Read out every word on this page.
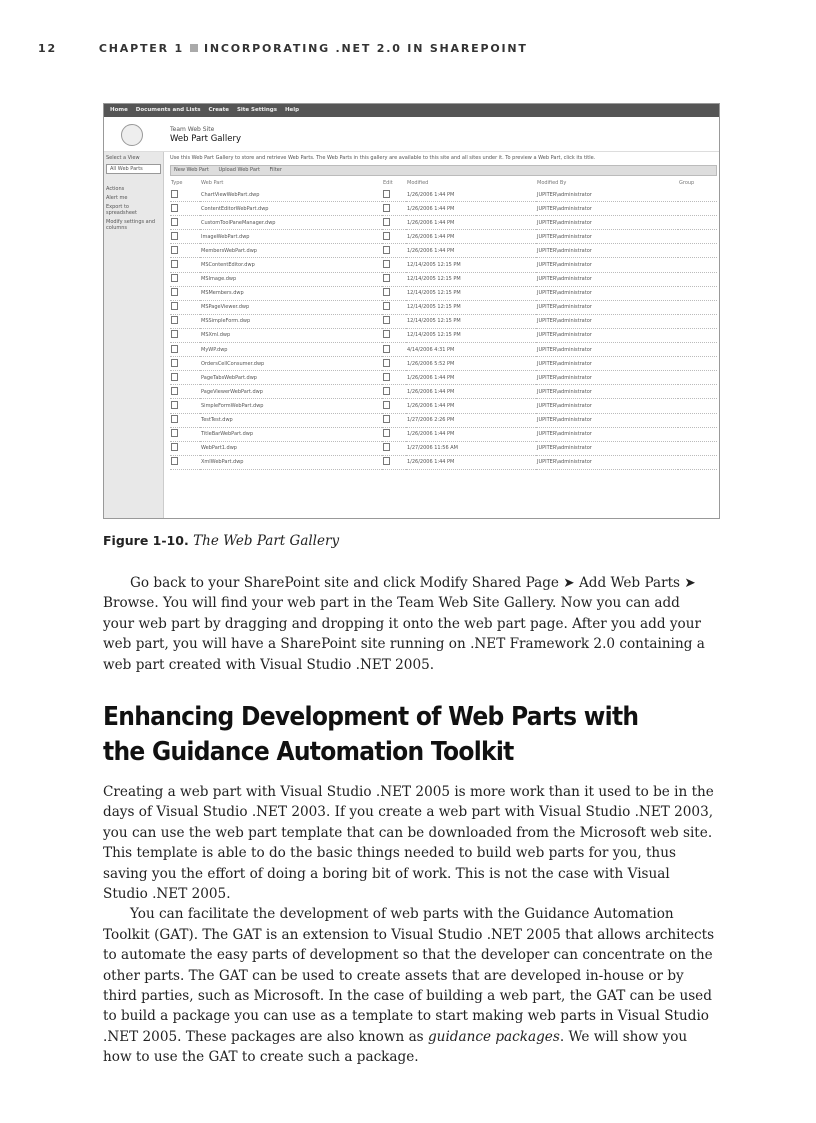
12	CHAPTER 1 INCORPORATING .NET 2.0 IN SHAREPOINT
Home Documents and Lists Create Site Settings Help
Team Web Site
Web Part Gallery
Select a View
All Web Parts
Actions
Alert me
Export to spreadsheet
Modify settings and columns
Use this Web Part Gallery to store and retrieve Web Parts. The Web Parts in this gallery are available to this site and all sites under it. To preview a Web Part, click its title.
New Web Part Upload Web Part Filter
Type	Web Part	Edit	Modified	Modified By	Group
	ChartViewWebPart.dwp		1/26/2006 1:44 PM	JUPITER\administrator	
	ContentEditorWebPart.dwp		1/26/2006 1:44 PM	JUPITER\administrator	
	CustomToolPaneManager.dwp		1/26/2006 1:44 PM	JUPITER\administrator	
	ImageWebPart.dwp		1/26/2006 1:44 PM	JUPITER\administrator	
	MembersWebPart.dwp		1/26/2006 1:44 PM	JUPITER\administrator	
	MSContentEditor.dwp		12/14/2005 12:15 PM	JUPITER\administrator	
	MSImage.dwp		12/14/2005 12:15 PM	JUPITER\administrator	
	MSMembers.dwp		12/14/2005 12:15 PM	JUPITER\administrator	
	MSPageViewer.dwp		12/14/2005 12:15 PM	JUPITER\administrator	
	MSSimpleForm.dwp		12/14/2005 12:15 PM	JUPITER\administrator	
	MSXml.dwp		12/14/2005 12:15 PM	JUPITER\administrator	
	MyWP.dwp		4/14/2006 4:31 PM	JUPITER\administrator	
	OrdersCellConsumer.dwp		1/26/2006 5:52 PM	JUPITER\administrator	
	PageTabsWebPart.dwp		1/26/2006 1:44 PM	JUPITER\administrator	
	PageViewerWebPart.dwp		1/26/2006 1:44 PM	JUPITER\administrator	
	SimpleFormWebPart.dwp		1/26/2006 1:44 PM	JUPITER\administrator	
	TestTest.dwp		1/27/2006 2:26 PM	JUPITER\administrator	
	TitleBarWebPart.dwp		1/26/2006 1:44 PM	JUPITER\administrator	
	WebPart1.dwp		1/27/2006 11:56 AM	JUPITER\administrator	
	XmlWebPart.dwp		1/26/2006 1:44 PM	JUPITER\administrator	
Figure 1-10. The Web Part Gallery

Go back to your SharePoint site and click Modify Shared Page ➤ Add Web Parts ➤ Browse. You will find your web part in the Team Web Site Gallery. Now you can add your web part by dragging and dropping it onto the web part page. After you add your web part, you will have a SharePoint site running on .NET Framework 2.0 containing a web part created with Visual Studio .NET 2005.

Enhancing Development of Web Parts with the Guidance Automation Toolkit

Creating a web part with Visual Studio .NET 2005 is more work than it used to be in the days of Visual Studio .NET 2003. If you create a web part with Visual Studio .NET 2003, you can use the web part template that can be downloaded from the Microsoft web site. This template is able to do the basic things needed to build web parts for you, thus saving you the effort of doing a boring bit of work. This is not the case with Visual Studio .NET 2005.

You can facilitate the development of web parts with the Guidance Automation Toolkit (GAT). The GAT is an extension to Visual Studio .NET 2005 that allows architects to automate the easy parts of development so that the developer can concentrate on the other parts. The GAT can be used to create assets that are developed in-house or by third parties, such as Microsoft. In the case of building a web part, the GAT can be used to build a package you can use as a template to start making web parts in Visual Studio .NET 2005. These packages are also known as guidance packages. We will show you how to use the GAT to create such a package.
